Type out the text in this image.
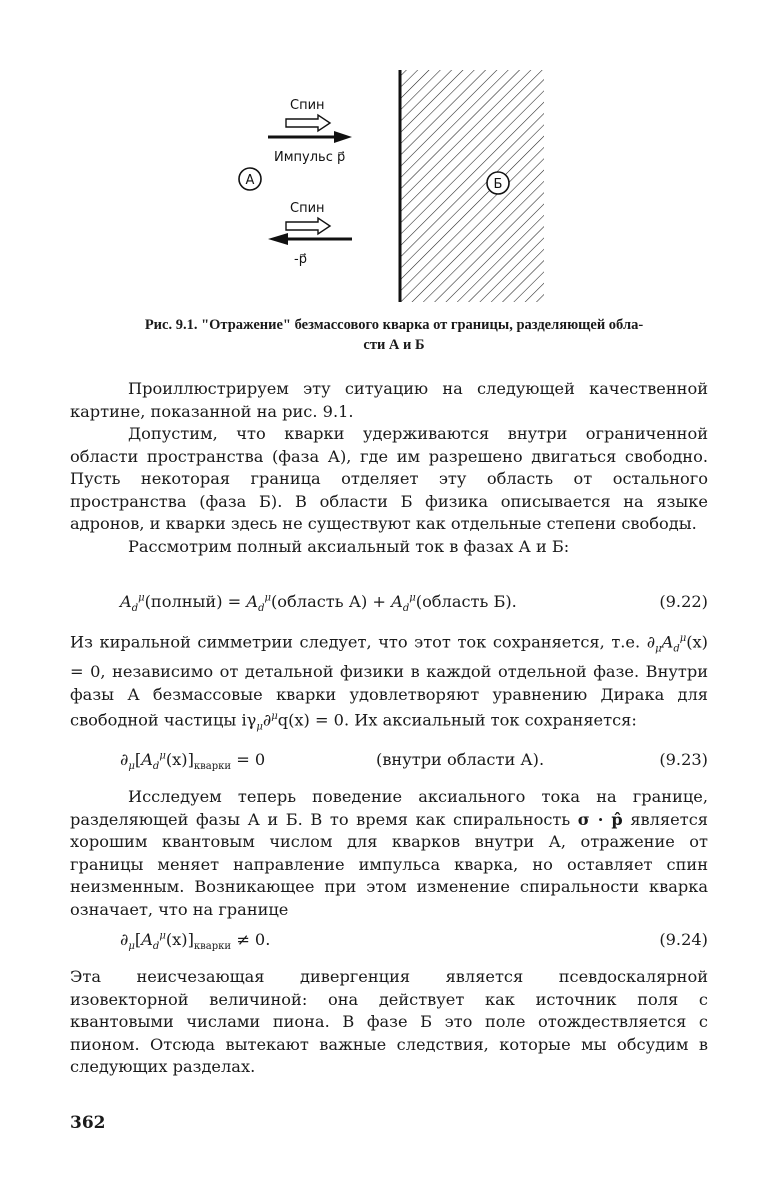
Спин
Импульс p⃗
А
Спин
-p⃗
Б
Рис. 9.1. "Отражение" безмассового кварка от границы, разделяющей обла-
сти А и Б

Проиллюстрируем эту ситуацию на следующей качественной картине, показанной на рис. 9.1.

Допустим, что кварки удерживаются внутри ограниченной области пространства (фаза А), где им разрешено двигаться свободно. Пусть некоторая граница отделяет эту область от остального пространства (фаза Б). В области Б физика описывается на языке адронов, и кварки здесь не существуют как отдельные степени свободы.

Рассмотрим полный аксиальный ток в фазах А и Б:

$A_d^\mu(полный)$ = $A_d^\mu(область$ $А) + A_d^\mu(область$ Б).	(9.22)

Из киральной симметрии следует, что этот ток сохраняется, т.е. $\partial_\mu A_d^\mu(x) = 0$, независимо от детальной физики в каждой отдельной фазе. Внутри фазы А безмассовые кварки удовлетворяют уравнению Дирака для свободной частицы $i\gamma_\mu\partial^\mu q(x) = 0$. Их аксиальный ток сохраняется:

$\partial_\mu[A_d^\mu(x)]_{кварки} = 0$	(внутри области А).	(9.23)

Исследуем теперь поведение аксиального тока на границе, разделяющей фазы А и Б. В то время как спиральность σ · p̂ является хорошим квантовым числом для кварков внутри А, отражение от границы меняет направление импульса кварка, но оставляет спин неизменным. Возникающее при этом изменение спиральности кварка означает, что на границе

$\partial_\mu[A_d^\mu(x)]_{кварки} \ne 0$.	(9.24)

Эта неисчезающая дивергенция является псевдоскалярной изовекторной величиной: она действует как источник поля с квантовыми числами пиона. В фазе Б это поле отождествляется с пионом. Отсюда вытекают важные следствия, которые мы обсудим в следующих разделах.

362
